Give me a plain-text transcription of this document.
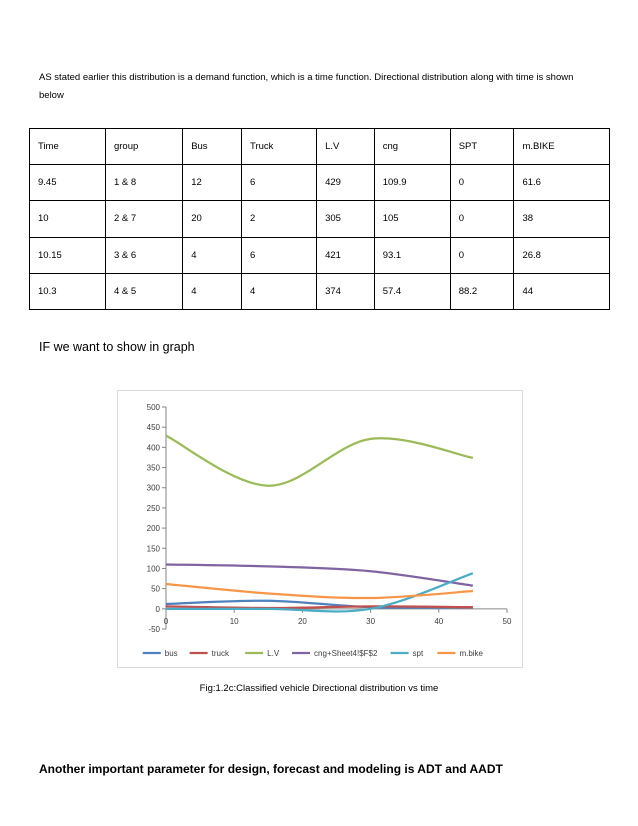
AS stated earlier this distribution is a demand function, which is a time function. Directional distribution along with time is shown below
Time	group	Bus	Truck	L.V	cng	SPT	m.BIKE
9.45	1 & 8	12	6	429	109.9	0	61.6
10	2 & 7	20	2	305	105	0	38
10.15	3 & 6	4	6	421	93.1	0	26.8
10.3	4 & 5	4	4	374	57.4	88.2	44
IF we want to show in graph
-50
0
50
100
150
200
250
300
350
400
450
500
0	10	20	30	40	50
bus	truck	L.V	cng+Sheet4!$F$2	spt	m.bike
Fig:1.2c:Classified vehicle Directional distribution vs time
Another important parameter for design, forecast and modeling is ADT and AADT
